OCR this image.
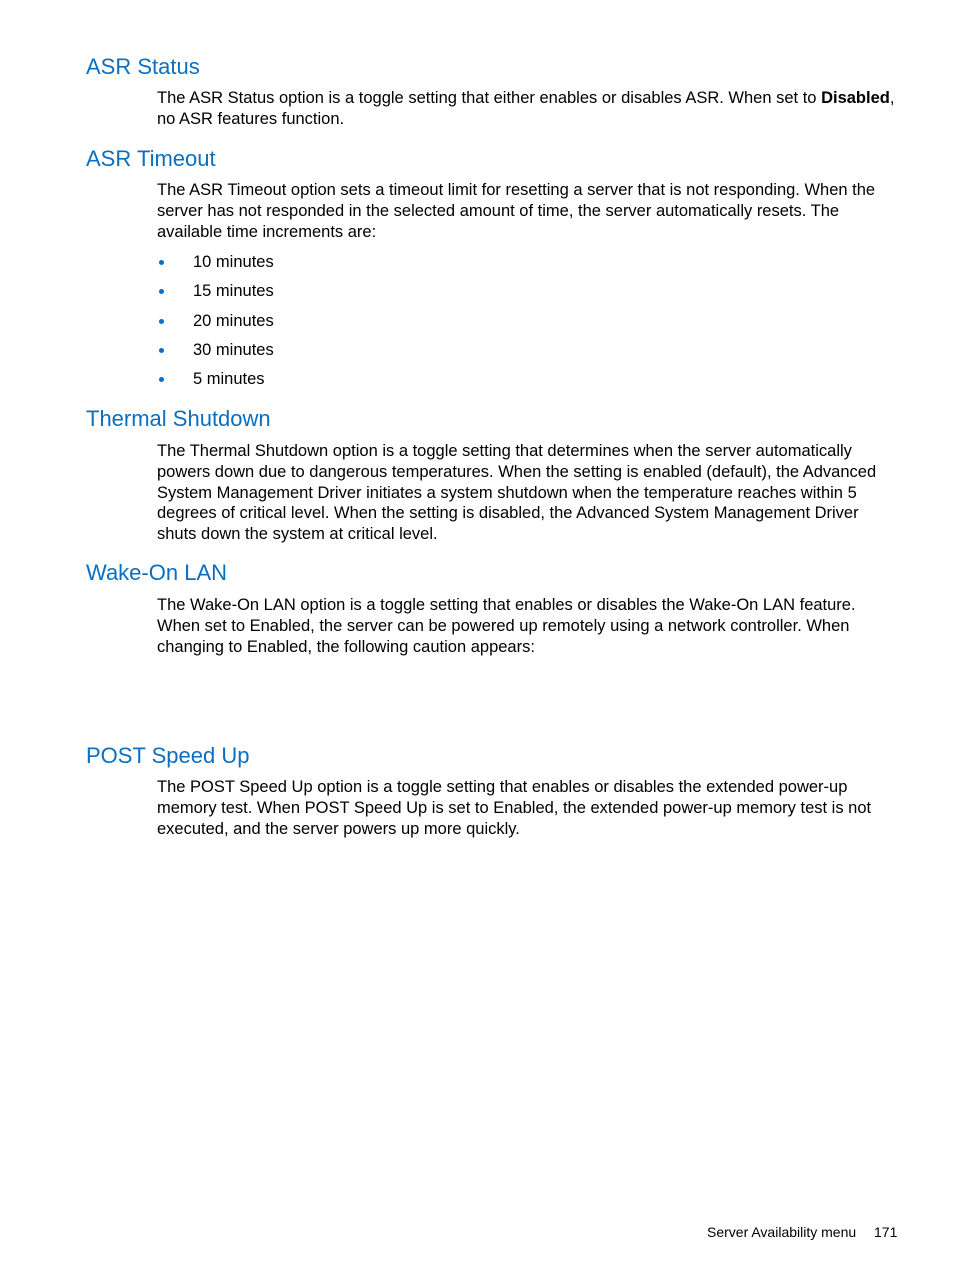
ASR Status

The ASR Status option is a toggle setting that either enables or disables ASR. When set to Disabled, no ASR features function.

ASR Timeout

The ASR Timeout option sets a timeout limit for resetting a server that is not responding. When the server has not responded in the selected amount of time, the server automatically resets. The available time increments are:

10 minutes
15 minutes
20 minutes
30 minutes
5 minutes
Thermal Shutdown

The Thermal Shutdown option is a toggle setting that determines when the server automatically powers down due to dangerous temperatures. When the setting is enabled (default), the Advanced System Management Driver initiates a system shutdown when the temperature reaches within 5 degrees of critical level. When the setting is disabled, the Advanced System Management Driver shuts down the system at critical level.

Wake-On LAN

The Wake-On LAN option is a toggle setting that enables or disables the Wake-On LAN feature. When set to Enabled, the server can be powered up remotely using a network controller. When changing to Enabled, the following caution appears:

POST Speed Up

The POST Speed Up option is a toggle setting that enables or disables the extended power-up memory test. When POST Speed Up is set to Enabled, the extended power-up memory test is not executed, and the server powers up more quickly.

Server Availability menu 171
